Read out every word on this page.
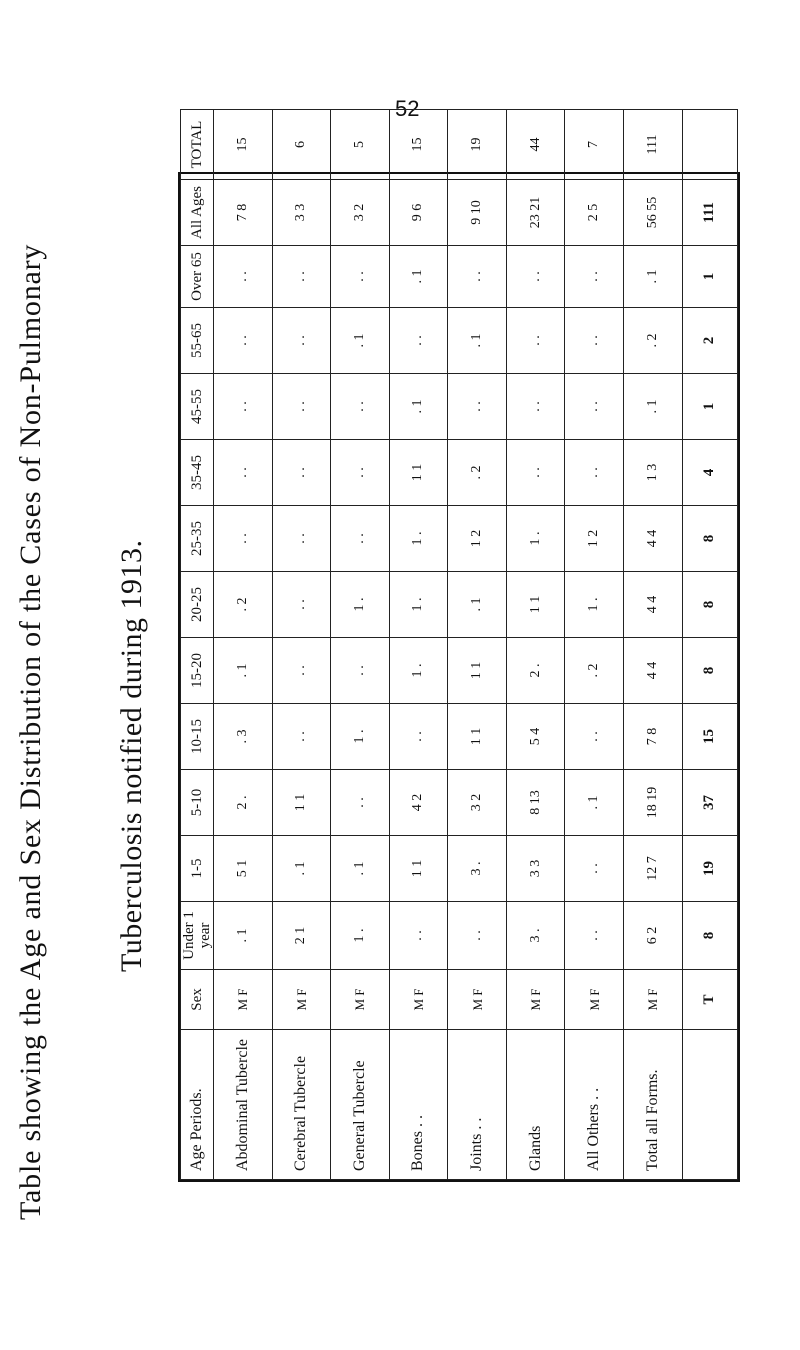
52
Table showing the Age and Sex Distribution of the Cases of Non-Pulmonary Tuberculosis notified during 1913.
Age Periods.	Sex	Under 1 year	1-5	5-10	10-15	15-20	20-25	25-35	35-45	45-55	55-65	Over 65	All Ages	TOTAL
Abdominal Tubercle	M F	. 1	5 1	2 .	. 3	. 1	. 2	. .	. .	. .	. .	. .	7 8	15
Cerebral Tubercle	M F	2 1	. 1	1 1	. .	. .	. .	. .	. .	. .	. .	. .	3 3	6
General Tubercle	M F	1 .	. 1	. .	1 .	. .	1 .	. .	. .	. .	. 1	. .	3 2	5
Bones . .	M F	. .	1 1	4 2	. .	1 .	1 .	1 .	1 1	. 1	. .	. 1	9 6	15
Joints . .	M F	. .	3 .	3 2	1 1	1 1	. 1	1 2	. 2	. .	. 1	. .	9 10	19
Glands	M F	3 .	3 3	8 13	5 4	2 .	1 1	1 .	. .	. .	. .	. .	23 21	44
All Others . .	M F	. .	. .	. 1	. .	. 2	1 .	1 2	. .	. .	. .	. .	2 5	7
Total all Forms.	M F	6 2	12 7	18 19	7 8	4 4	4 4	4 4	1 3	. 1	. 2	. 1	56 55	111
	T	8	19	37	15	8	8	8	4	1	2	1	111	
